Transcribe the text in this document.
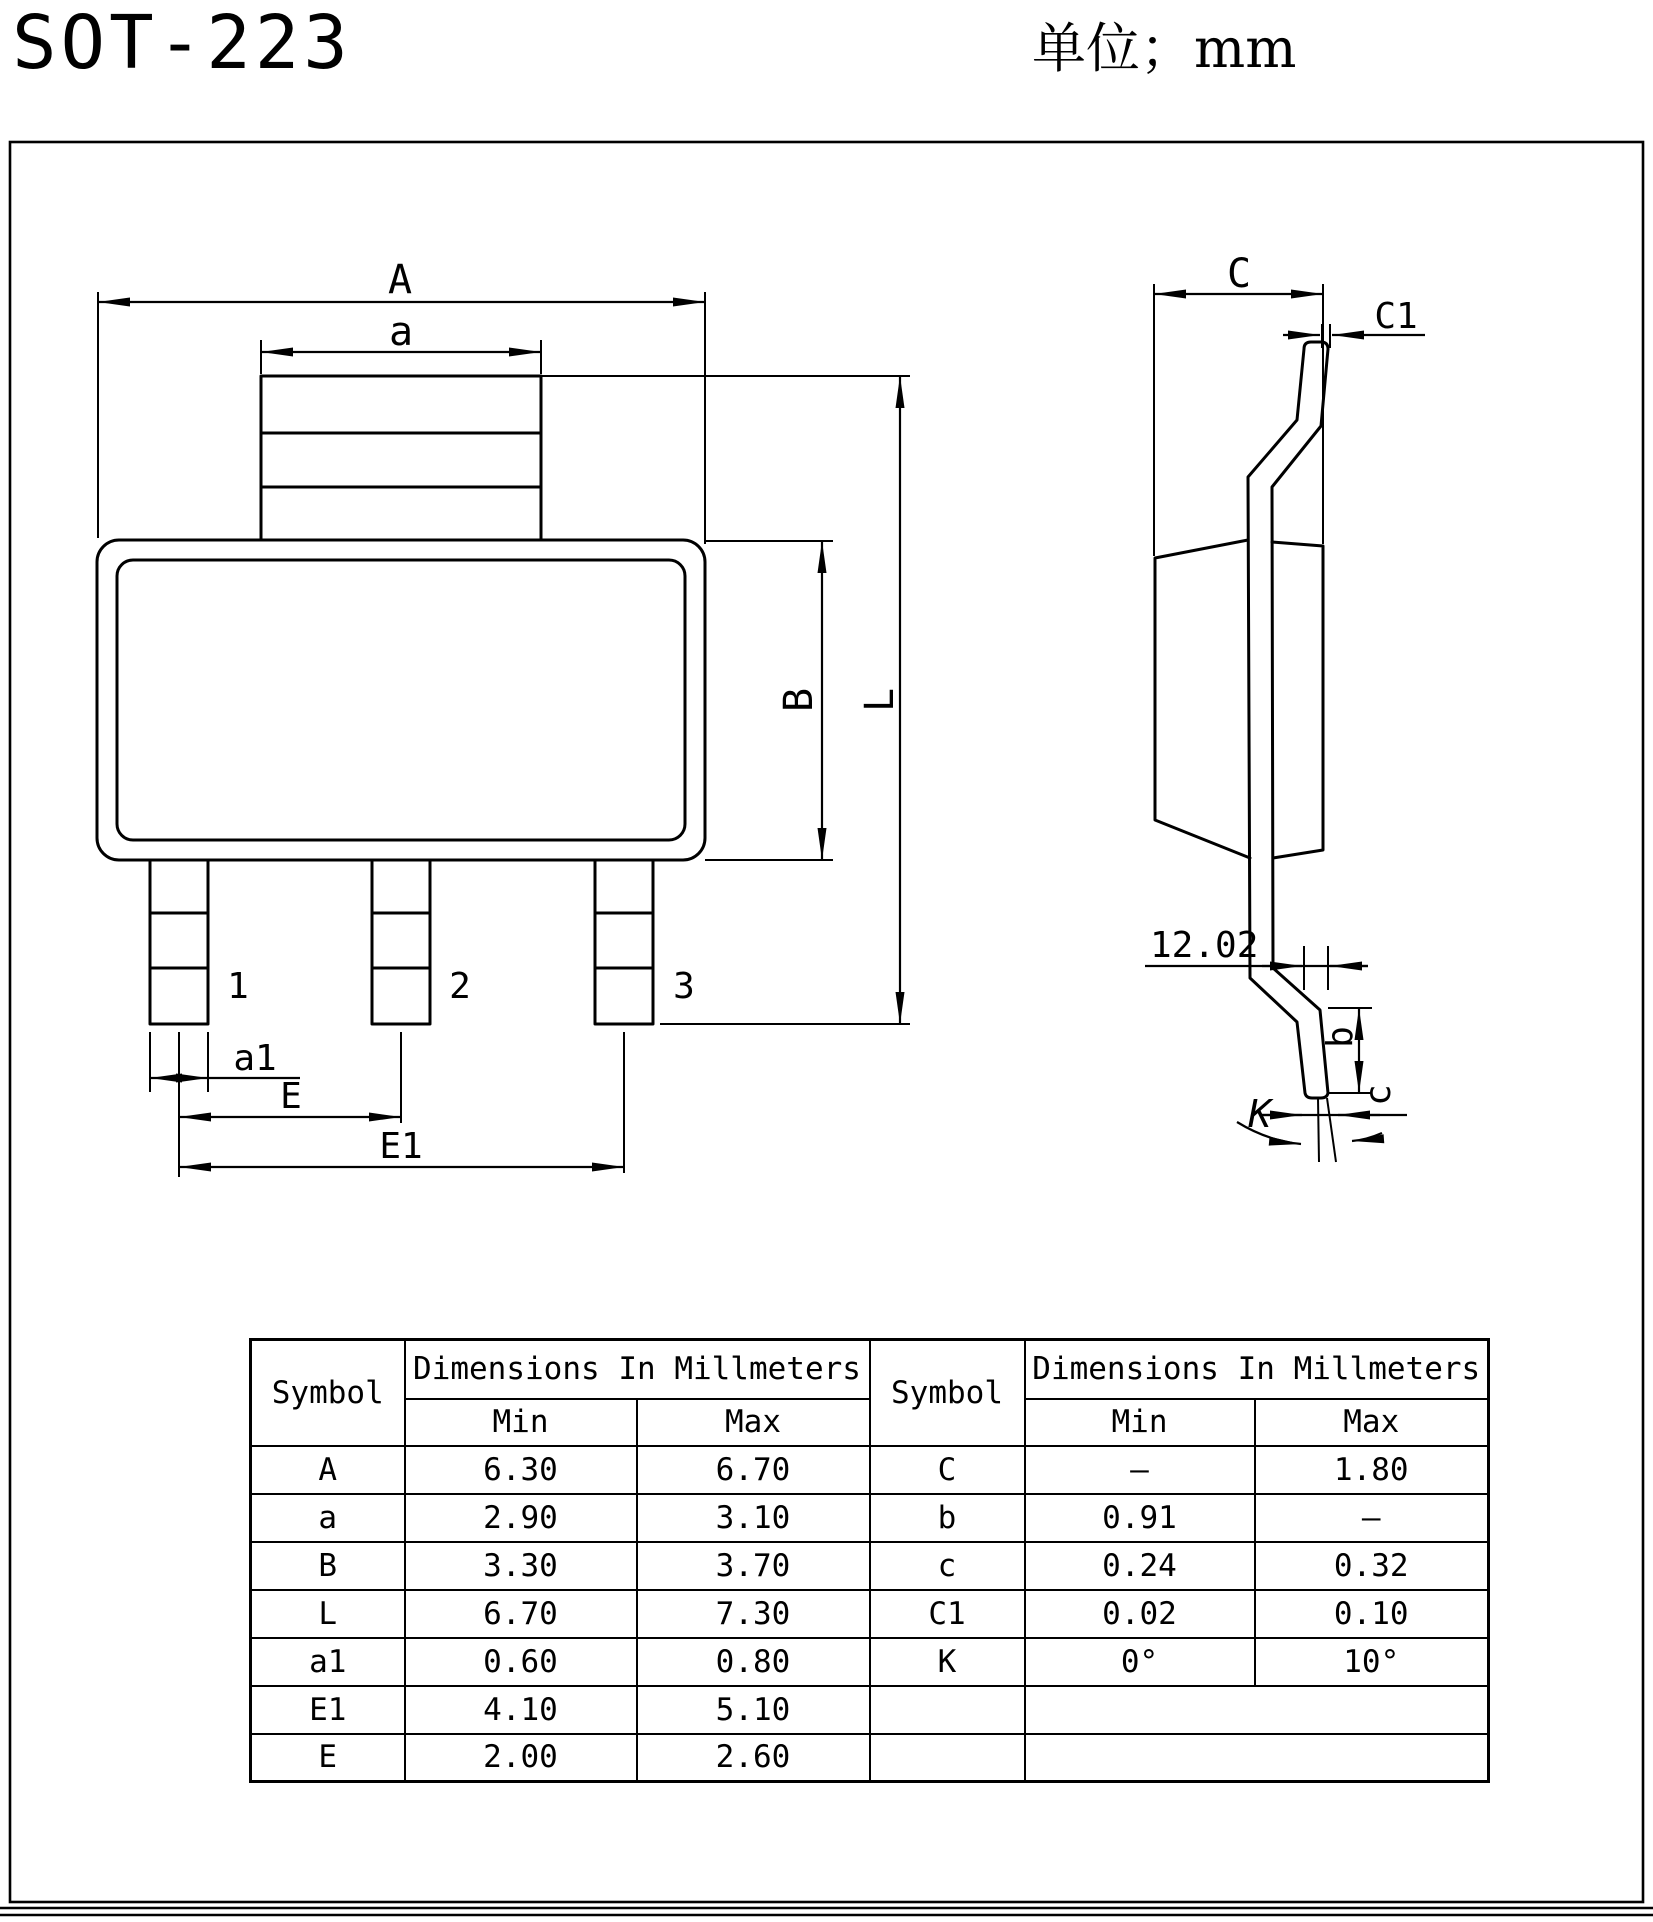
SOT-223	单位；mm
1	2	3
A
a
B L
a1
E
E1
C
C1
12.02
b
c
K
Symbol	Dimensions In Millmeters		Symbol	Dimensions In Millmeters	
	Min	Max		Min	Max
A	6.30	6.70	C	–	1.80
a	2.90	3.10	b	0.91	–
B	3.30	3.70	c	0.24	0.32
L	6.70	7.30	C1	0.02	0.10
a1	0.60	0.80	K	0°	10°
E1	4.10	5.10			
E	2.00	2.60			
